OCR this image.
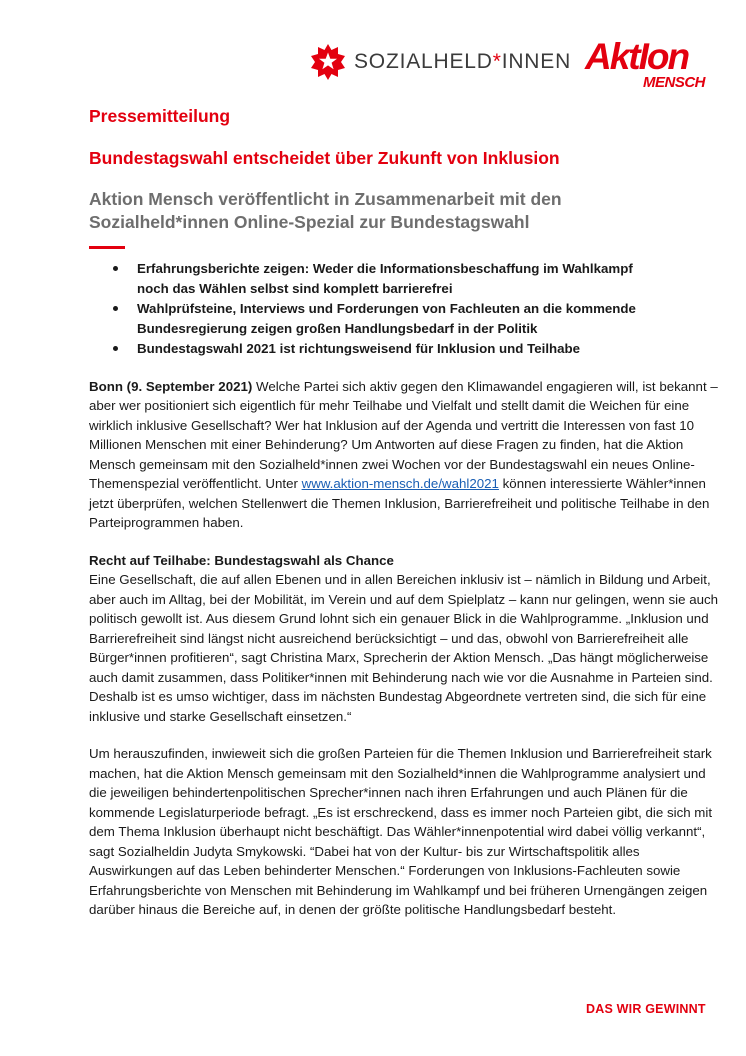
SOZIALHELD*INNEN AktIon
MENSCH

Pressemitteilung

Bundestagswahl entscheidet über Zukunft von Inklusion

Aktion Mensch veröffentlicht in Zusammenarbeit mit den Sozialheld*innen Online-Spezial zur Bundestagswahl

Erfahrungsberichte zeigen: Weder die Informationsbeschaffung im Wahlkampf noch das Wählen selbst sind komplett barrierefrei
Wahlprüfsteine, Interviews und Forderungen von Fachleuten an die kommende Bundesregierung zeigen großen Handlungsbedarf in der Politik
Bundestagswahl 2021 ist richtungsweisend für Inklusion und Teilhabe

Bonn (9. September 2021) Welche Partei sich aktiv gegen den Klimawandel engagieren will, ist bekannt – aber wer positioniert sich eigentlich für mehr Teilhabe und Vielfalt und stellt damit die Weichen für eine wirklich inklusive Gesellschaft? Wer hat Inklusion auf der Agenda und vertritt die Interessen von fast 10 Millionen Menschen mit einer Behinderung? Um Antworten auf diese Fragen zu finden, hat die Aktion Mensch gemeinsam mit den Sozialheld*innen zwei Wochen vor der Bundestagswahl ein neues Online-Themenspezial veröffentlicht. Unter www.aktion-mensch.de/wahl2021 können interessierte Wähler*innen jetzt überprüfen, welchen Stellenwert die Themen Inklusion, Barrierefreiheit und politische Teilhabe in den Parteiprogrammen haben.

Recht auf Teilhabe: Bundestagswahl als Chance
Eine Gesellschaft, die auf allen Ebenen und in allen Bereichen inklusiv ist – nämlich in Bildung und Arbeit, aber auch im Alltag, bei der Mobilität, im Verein und auf dem Spielplatz – kann nur gelingen, wenn sie auch politisch gewollt ist. Aus diesem Grund lohnt sich ein genauer Blick in die Wahlprogramme. „Inklusion und Barrierefreiheit sind längst nicht ausreichend berücksichtigt – und das, obwohl von Barrierefreiheit alle Bürger*innen profitieren“, sagt Christina Marx, Sprecherin der Aktion Mensch. „Das hängt möglicherweise auch damit zusammen, dass Politiker*innen mit Behinderung nach wie vor die Ausnahme in Parteien sind. Deshalb ist es umso wichtiger, dass im nächsten Bundestag Abgeordnete vertreten sind, die sich für eine inklusive und starke Gesellschaft einsetzen.“

Um herauszufinden, inwieweit sich die großen Parteien für die Themen Inklusion und Barrierefreiheit stark machen, hat die Aktion Mensch gemeinsam mit den Sozialheld*innen die Wahlprogramme analysiert und die jeweiligen behindertenpolitischen Sprecher*innen nach ihren Erfahrungen und auch Plänen für die kommende Legislaturperiode befragt. „Es ist erschreckend, dass es immer noch Parteien gibt, die sich mit dem Thema Inklusion überhaupt nicht beschäftigt. Das Wähler*innenpotential wird dabei völlig verkannt“, sagt Sozialheldin Judyta Smykowski. “Dabei hat von der Kultur- bis zur Wirtschaftspolitik alles Auswirkungen auf das Leben behinderter Menschen.“ Forderungen von Inklusions-Fachleuten sowie Erfahrungsberichte von Menschen mit Behinderung im Wahlkampf und bei früheren Urnengängen zeigen darüber hinaus die Bereiche auf, in denen der größte politische Handlungsbedarf besteht.

DAS WIR GEWINNT
